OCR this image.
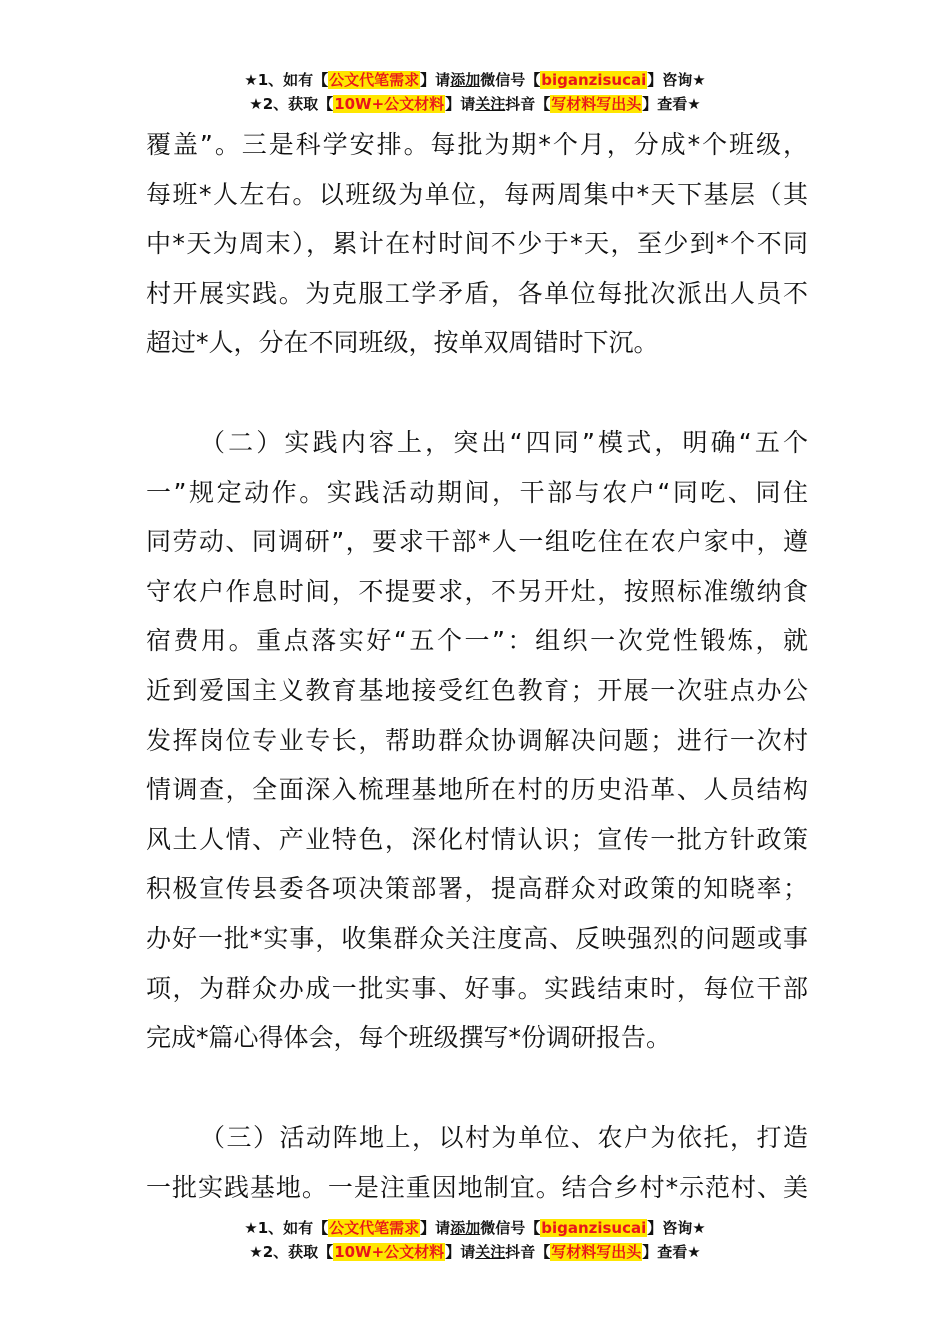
★1、如有【公文代笔需求】请添加微信号【biganzisucai】咨询★
★2、获取【10W+公文材料】请关注抖音【写材料写出头】查看★
覆盖”。三是科学安排。每批为期*个月，分成*个班级，
每班*人左右。以班级为单位，每两周集中*天下基层（其
中*天为周末），累计在村时间不少于*天，至少到*个不同
村开展实践。为克服工学矛盾，各单位每批次派出人员不
超过*人，分在不同班级，按单双周错时下沉。
（二）实践内容上，突出“四同”模式，明确“五个
一”规定动作。实践活动期间，干部与农户“同吃、同住
同劳动、同调研”，要求干部*人一组吃住在农户家中，遵
守农户作息时间，不提要求，不另开灶，按照标准缴纳食
宿费用。重点落实好“五个一”：组织一次党性锻炼，就
近到爱国主义教育基地接受红色教育；开展一次驻点办公
发挥岗位专业专长，帮助群众协调解决问题；进行一次村
情调查，全面深入梳理基地所在村的历史沿革、人员结构
风土人情、产业特色，深化村情认识；宣传一批方针政策
积极宣传县委各项决策部署，提高群众对政策的知晓率；
办好一批*实事，收集群众关注度高、反映强烈的问题或事
项，为群众办成一批实事、好事。实践结束时，每位干部
完成*篇心得体会，每个班级撰写*份调研报告。
（三）活动阵地上，以村为单位、农户为依托，打造
一批实践基地。一是注重因地制宜。结合乡村*示范村、美
★1、如有【公文代笔需求】请添加微信号【biganzisucai】咨询★
★2、获取【10W+公文材料】请关注抖音【写材料写出头】查看★
